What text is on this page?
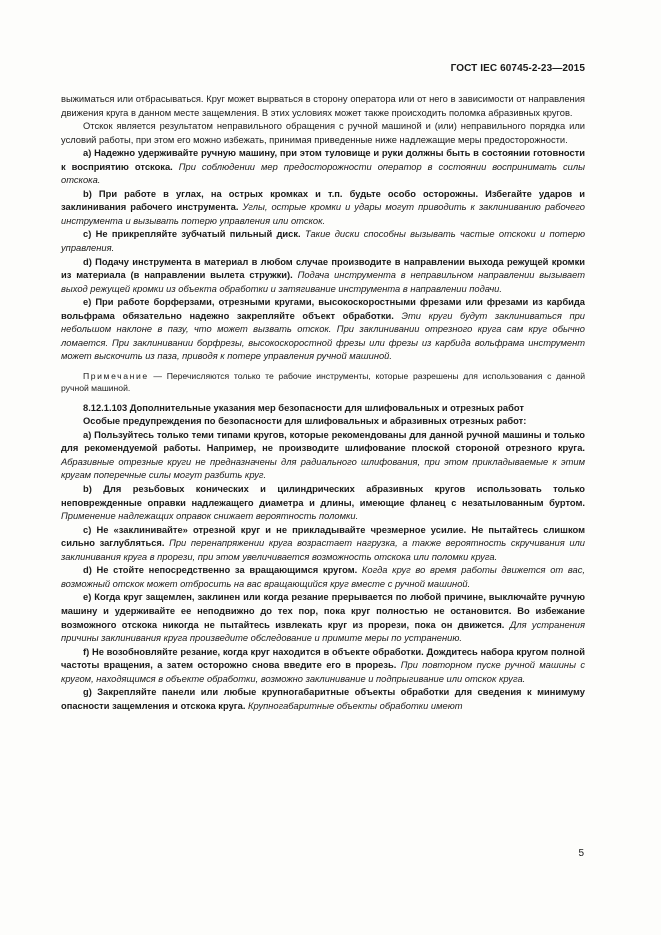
ГОСТ IEC 60745-2-23—2015

выжиматься или отбрасываться. Круг может вырваться в сторону оператора или от него в зависимости от направления движения круга в данном месте защемления. В этих условиях может также происходить поломка абразивных кругов.

Отскок является результатом неправильного обращения с ручной машиной и (или) неправильного порядка или условий работы, при этом его можно избежать, принимая приведенные ниже надлежащие меры предосторожности.

a) Надежно удерживайте ручную машину, при этом туловище и руки должны быть в состоянии готовности к восприятию отскока. При соблюдении мер предосторожности оператор в состоянии воспринимать силы отскока.

b) При работе в углах, на острых кромках и т.п. будьте особо осторожны. Избегайте ударов и заклинивания рабочего инструмента. Углы, острые кромки и удары могут приводить к заклиниванию рабочего инструмента и вызывать потерю управления или отскок.

c) Не прикрепляйте зубчатый пильный диск. Такие диски способны вызывать частые отскоки и потерю управления.

d) Подачу инструмента в материал в любом случае производите в направлении выхода режущей кромки из материала (в направлении вылета стружки). Подача инструмента в неправильном направлении вызывает выход режущей кромки из объекта обработки и затягивание инструмента в направлении подачи.

e) При работе борферзами, отрезными кругами, высокоскоростными фрезами или фрезами из карбида вольфрама обязательно надежно закрепляйте объект обработки. Эти круги будут заклиниваться при небольшом наклоне в пазу, что может вызвать отскок. При заклинивании отрезного круга сам круг обычно ломается. При заклинивании борфрезы, высокоскоростной фрезы или фрезы из карбида вольфрама инструмент может выскочить из паза, приводя к потере управления ручной машиной.

Примечание — Перечисляются только те рабочие инструменты, которые разрешены для использования с данной ручной машиной.

8.12.1.103 Дополнительные указания мер безопасности для шлифовальных и отрезных работ

Особые предупреждения по безопасности для шлифовальных и абразивных отрезных работ:

a) Пользуйтесь только теми типами кругов, которые рекомендованы для данной ручной машины и только для рекомендуемой работы. Например, не производите шлифование плоской стороной отрезного круга. Абразивные отрезные круги не предназначены для радиального шлифования, при этом прикладываемые к этим кругам поперечные силы могут разбить круг.

b) Для резьбовых конических и цилиндрических абразивных кругов использовать только неповрежденные оправки надлежащего диаметра и длины, имеющие фланец с незатылованным буртом. Применение надлежащих оправок снижает вероятность поломки.

c) Не «заклинивайте» отрезной круг и не прикладывайте чрезмерное усилие. Не пытайтесь слишком сильно заглубляться. При перенапряжении круга возрастает нагрузка, а также вероятность скручивания или заклинивания круга в прорези, при этом увеличивается возможность отскока или поломки круга.

d) Не стойте непосредственно за вращающимся кругом. Когда круг во время работы движется от вас, возможный отскок может отбросить на вас вращающийся круг вместе с ручной машиной.

e) Когда круг защемлен, заклинен или когда резание прерывается по любой причине, выключайте ручную машину и удерживайте ее неподвижно до тех пор, пока круг полностью не остановится. Во избежание возможного отскока никогда не пытайтесь извлекать круг из прорези, пока он движется. Для устранения причины заклинивания круга произведите обследование и примите меры по устранению.

f) Не возобновляйте резание, когда круг находится в объекте обработки. Дождитесь набора кругом полной частоты вращения, а затем осторожно снова введите его в прорезь. При повторном пуске ручной машины с кругом, находящимся в объекте обработки, возможно заклинивание и подпрыгивание или отскок круга.

g) Закрепляйте панели или любые крупногабаритные объекты обработки для сведения к минимуму опасности защемления и отскока круга. Крупногабаритные объекты обработки имеют

5
